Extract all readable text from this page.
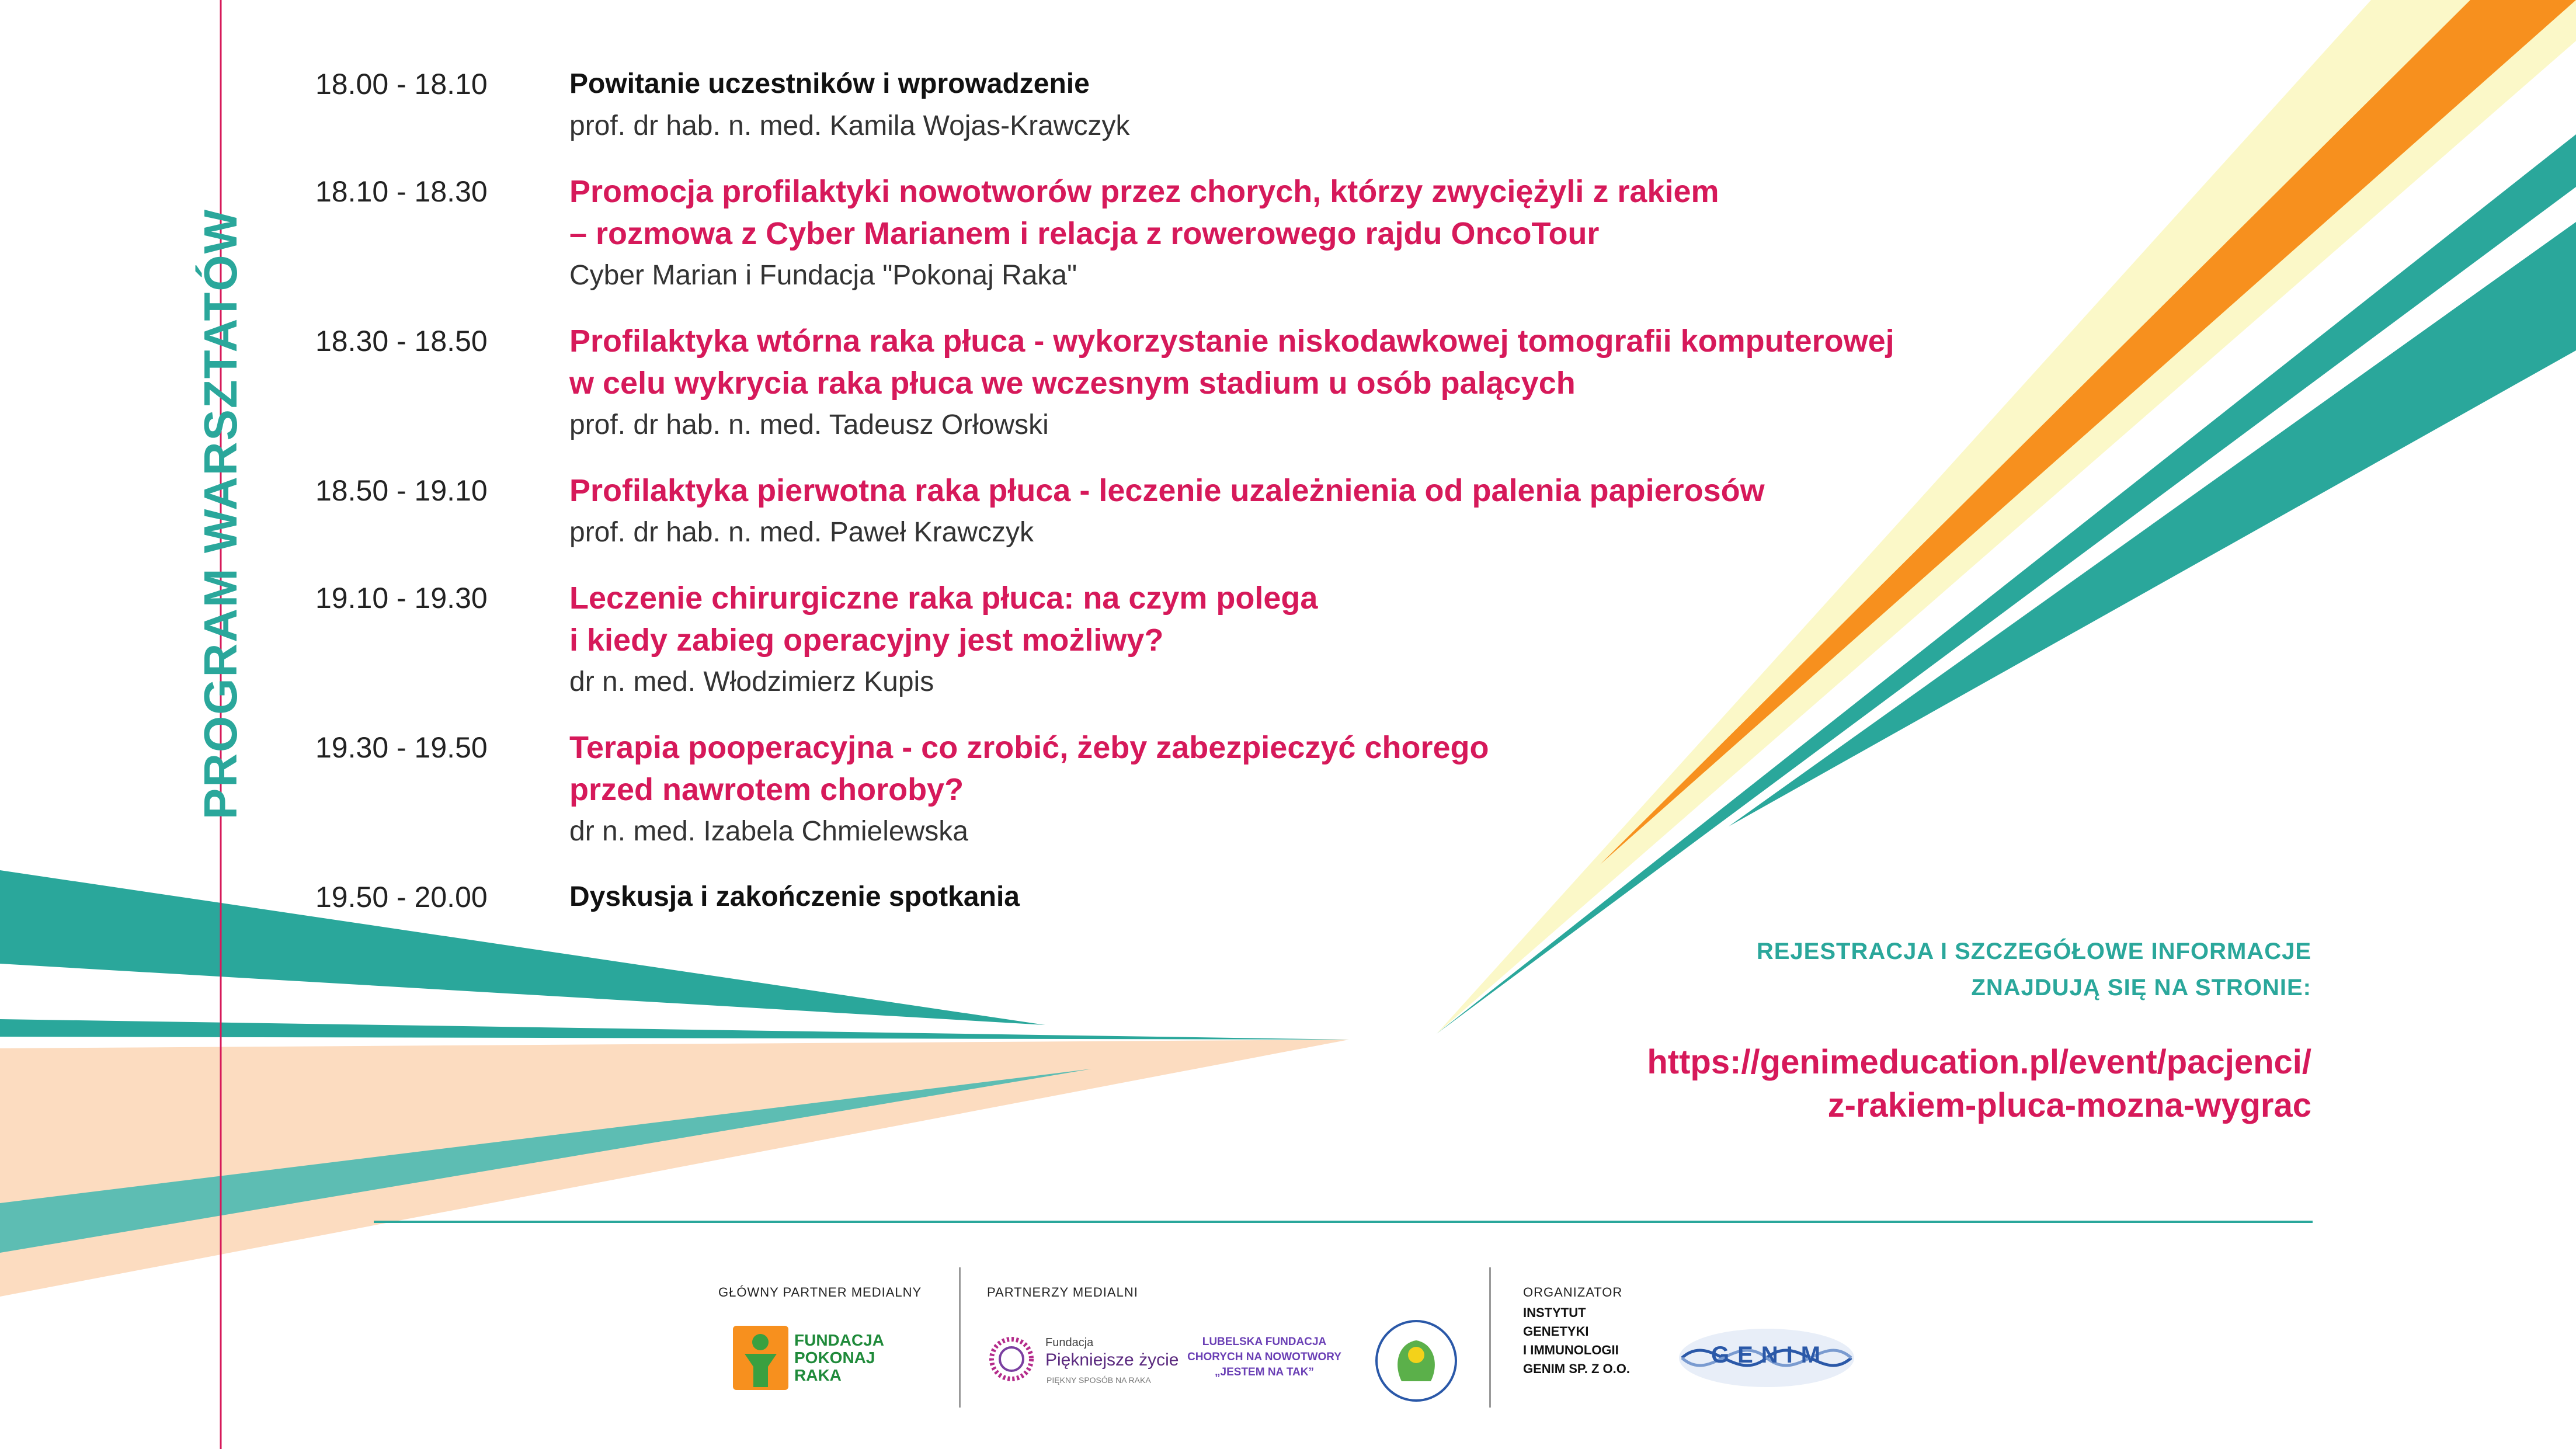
PROGRAM WARSZTATÓW
18.00 - 18.10	Powitanie uczestników i wprowadzenie
prof. dr hab. n. med. Kamila Wojas-Krawczyk
18.10 - 18.30	Promocja profilaktyki nowotworów przez chorych, którzy zwyciężyli z rakiem
– rozmowa z Cyber Marianem i relacja z rowerowego rajdu OncoTour
Cyber Marian i Fundacja "Pokonaj Raka"
18.30 - 18.50	Profilaktyka wtórna raka płuca - wykorzystanie niskodawkowej tomografii komputerowej
w celu wykrycia raka płuca we wczesnym stadium u osób palących
prof. dr hab. n. med. Tadeusz Orłowski
18.50 - 19.10	Profilaktyka pierwotna raka płuca - leczenie uzależnienia od palenia papierosów
prof. dr hab. n. med. Paweł Krawczyk
19.10 - 19.30	Leczenie chirurgiczne raka płuca: na czym polega
i kiedy zabieg operacyjny jest możliwy?
dr n. med. Włodzimierz Kupis
19.30 - 19.50	Terapia pooperacyjna - co zrobić, żeby zabezpieczyć chorego
przed nawrotem choroby?
dr n. med. Izabela Chmielewska
19.50 - 20.00	Dyskusja i zakończenie spotkania
REJESTRACJA I SZCZEGÓŁOWE INFORMACJE
ZNAJDUJĄ SIĘ NA STRONIE:
https://genimeducation.pl/event/pacjenci/
z-rakiem-pluca-mozna-wygrac
GŁÓWNY PARTNER MEDIALNY	PARTNERZY MEDIALNI	ORGANIZATOR
FUNDACJA
POKONAJ
RAKA
Fundacja
Piękniejsze życie
PIĘKNY SPOSÓB NA RAKA
LUBELSKA FUNDACJA
CHORYCH NA NOWOTWORY
„JESTEM NA TAK”
INSTYTUT
GENETYKI
I IMMUNOLOGII
GENIM SP. Z O.O.
GENIM
